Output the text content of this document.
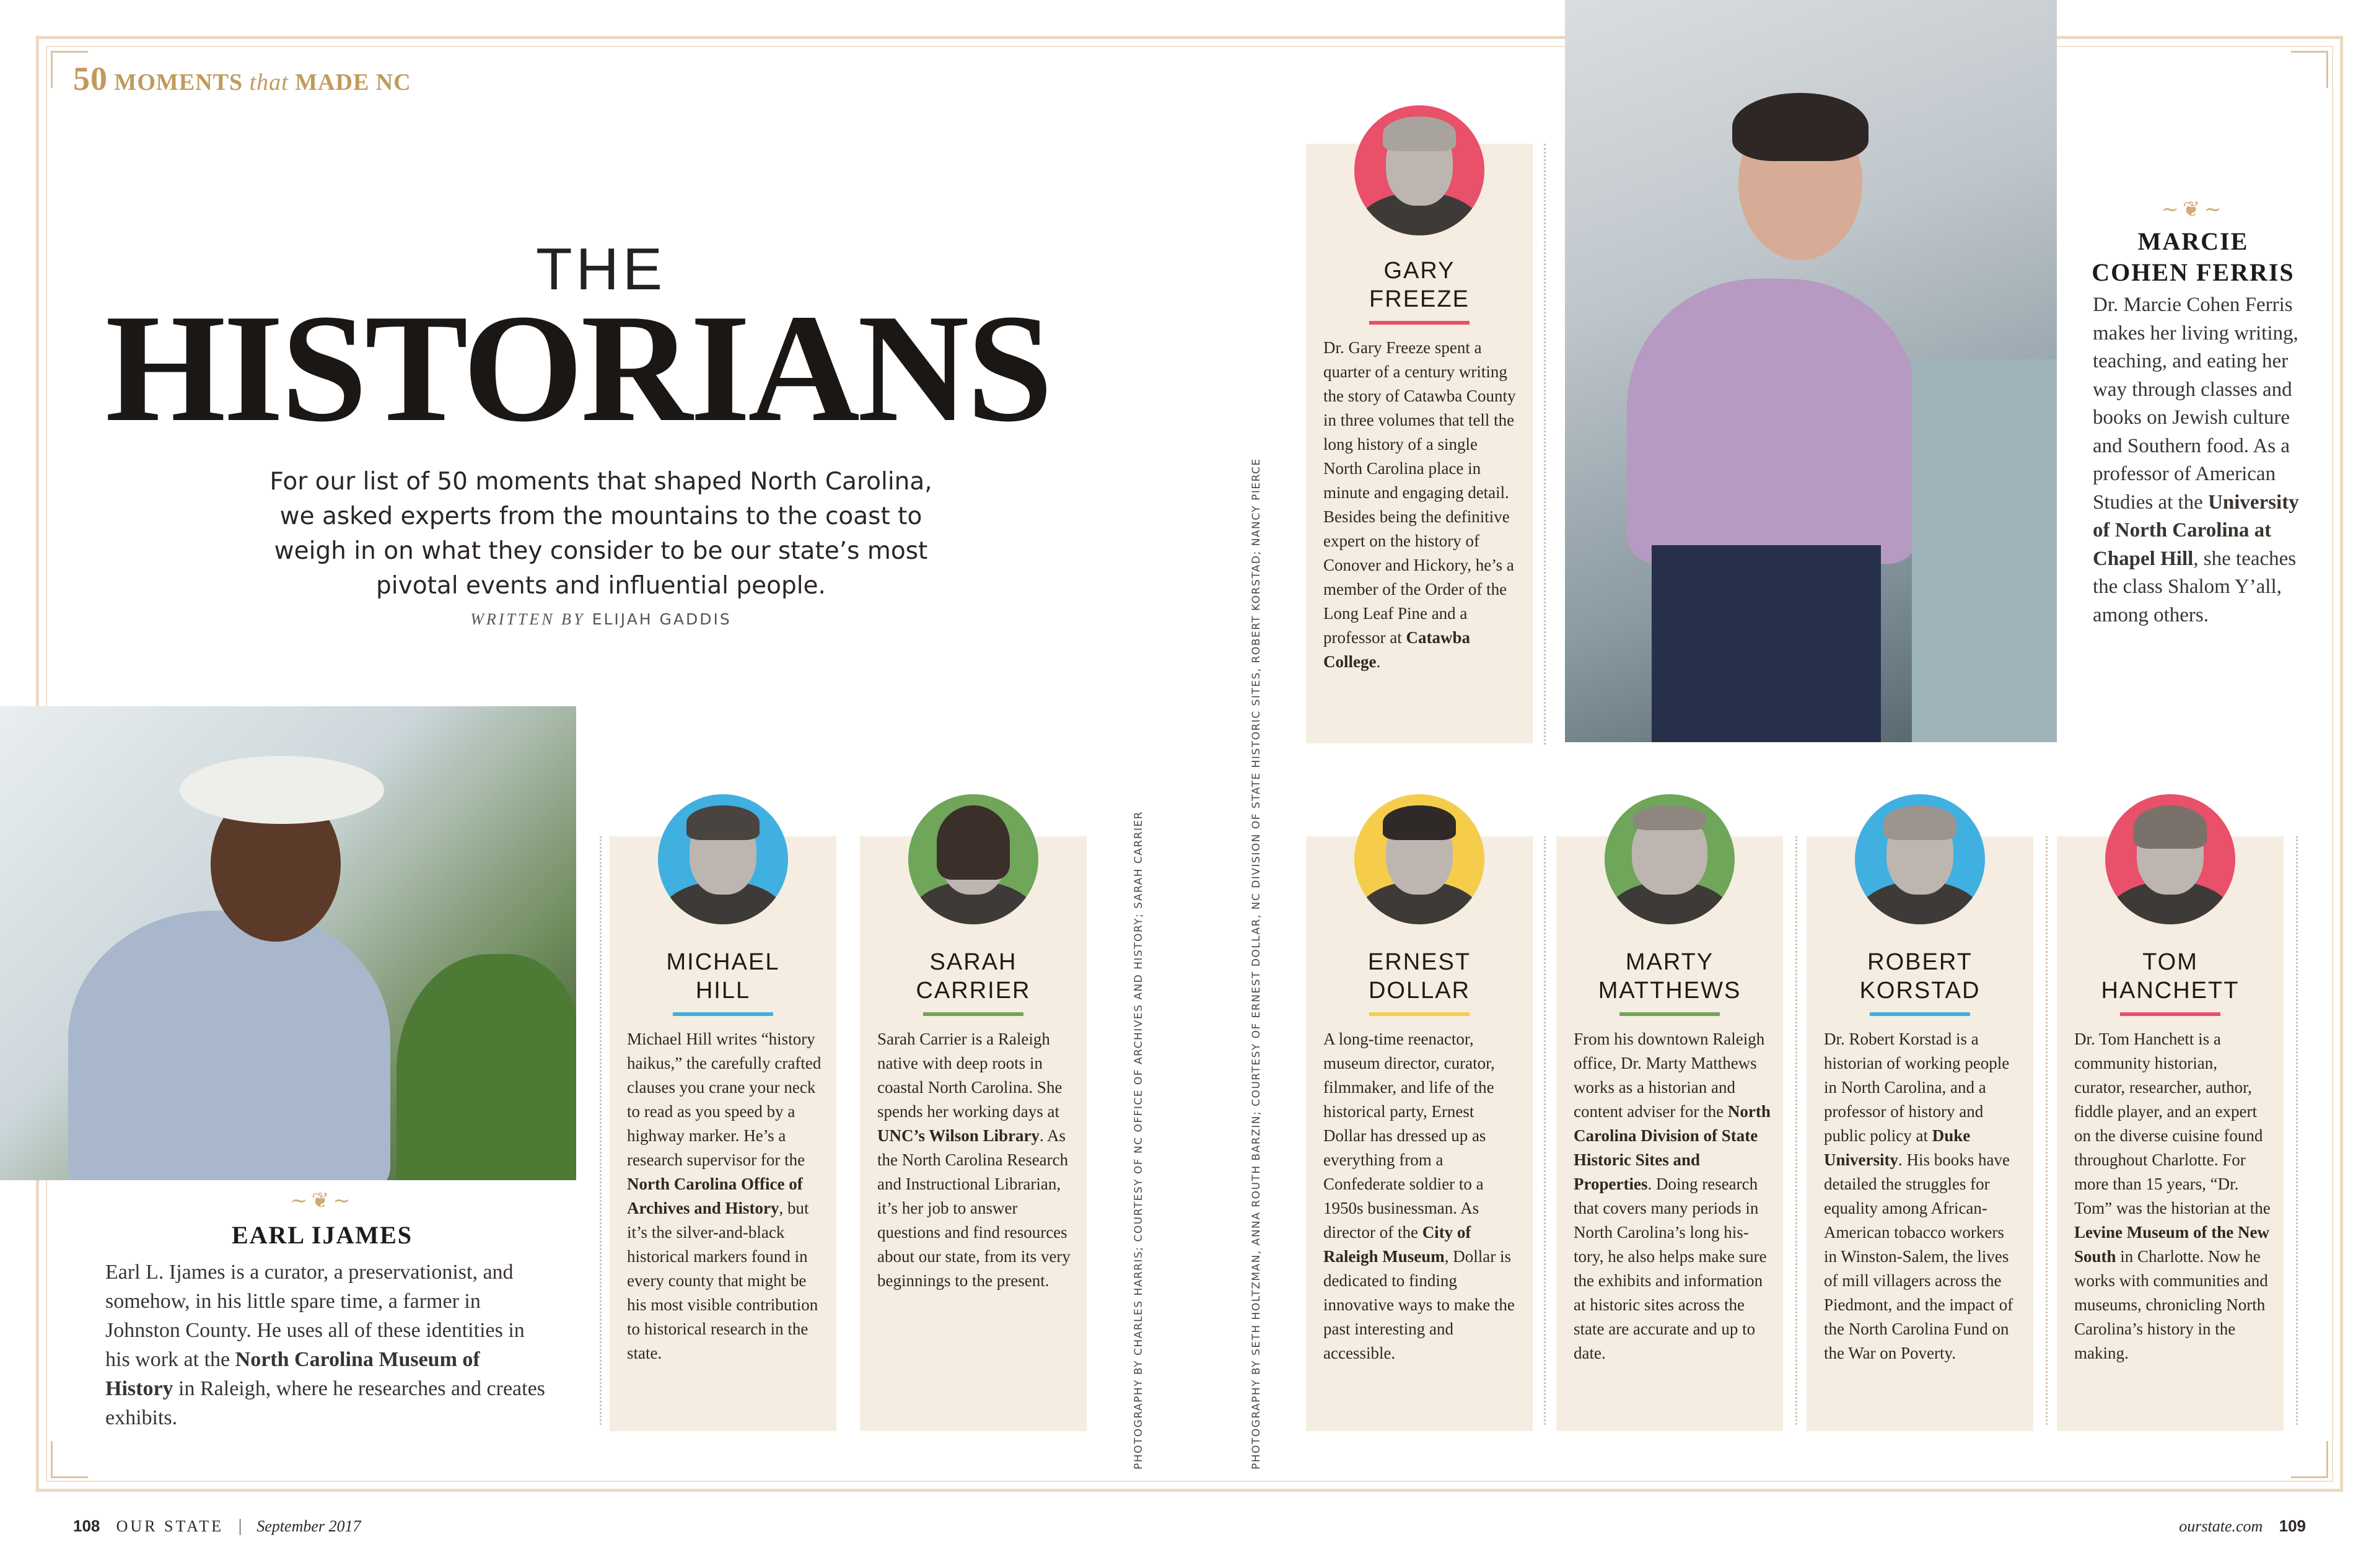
50 MOMENTS that MADE NC
THE
HISTORIANS
For our list of 50 moments that shaped North Carolina, we asked experts from the mountains to the coast to weigh in on what they consider to be our state’s most pivotal events and influential people.
WRITTEN BY ELIJAH GADDIS
~❦~
EARL IJAMES
Earl L. Ijames is a curator, a preservationist, and somehow, in his little spare time, a farmer in Johnston County. He uses all of these identities in his work at the North Carolina Museum of History in Raleigh, where he researches and creates exhibits.
~❦~
MARCIE
COHEN FERRIS
Dr. Marcie Cohen Ferris makes her living writing, teaching, and eating her way through classes and books on Jewish culture and Southern food. As a professor of American Studies at the University of North Carolina at Chapel Hill, she teaches the class Shalom Y’all, among others.
GARY
FREEZE
Dr. Gary Freeze spent a quarter of a century writing the story of Catawba County in three volumes that tell the long history of a single North Carolina place in minute and engaging detail. Besides being the definitive expert on the history of Conover and Hickory, he’s a member of the Order of the Long Leaf Pine and a professor at Catawba College.
MICHAEL
HILL
Michael Hill writes “history haikus,” the carefully crafted clauses you crane your neck to read as you speed by a highway marker. He’s a research supervisor for the North Carolina Office of Archives and History, but it’s the silver-and-black historical markers found in every county that might be his most visible contribution to historical research in the state.
SARAH
CARRIER
Sarah Carrier is a Raleigh native with deep roots in coastal North Carolina. She spends her working days at UNC’s Wilson Library. As the North Carolina Research and Instructional Librarian, it’s her job to answer questions and find resources about our state, from its very beginnings to the present.
ERNEST
DOLLAR
A long-time reenactor, museum director, curator, filmmaker, and life of the historical party, Ernest Dollar has dressed up as everything from a Confederate soldier to a 1950s businessman. As director of the City of Raleigh Museum, Dollar is dedicated to finding innovative ways to make the past interesting and accessible.
MARTY
MATTHEWS
From his downtown Raleigh office, Dr. Marty Matthews works as a historian and content adviser for the North Carolina Division of State Historic Sites and Properties. Doing research that covers many periods in North Carolina’s long history, he also helps make sure the exhibits and information at historic sites across the state are accurate and up to date.
ROBERT
KORSTAD
Dr. Robert Korstad is a historian of working people in North Carolina, and a professor of history and public policy at Duke University. His books have detailed the struggles for equality among African-American tobacco workers in Winston-Salem, the lives of mill villagers across the Piedmont, and the impact of the North Carolina Fund on the War on Poverty.
TOM
HANCHETT
Dr. Tom Hanchett is a community historian, curator, researcher, author, fiddle player, and an expert on the diverse cuisine found throughout Charlotte. For more than 15 years, “Dr. Tom” was the historian at the Levine Museum of the New South in Charlotte. Now he works with communities and museums, chronicling North Carolina’s history in the making.
PHOTOGRAPHY BY CHARLES HARRIS; COURTESY OF NC OFFICE OF ARCHIVES AND HISTORY; SARAH CARRIER	PHOTOGRAPHY BY SETH HOLTZMAN, ANNA ROUTH BARZIN; COURTESY OF ERNEST DOLLAR, NC DIVISION OF STATE HISTORIC SITES, ROBERT KORSTAD; NANCY PIERCE
108 OUR STATE | September 2017	ourstate.com 109
